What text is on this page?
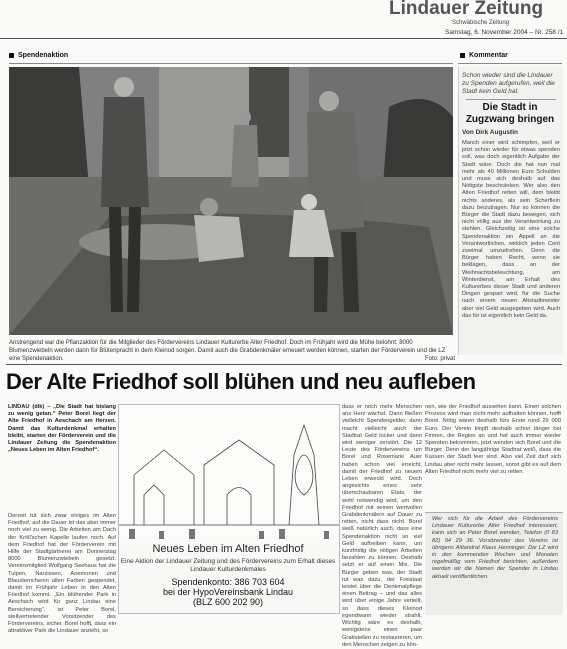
Lindauer Zeitung
Schwäbische Zeitung
Samstag, 6. November 2004 – Nr. 258 /1
Spendenaktion	Kommentar
Anstrengend war die Pflanzaktion für die Mitglieder des Fördervereins Lindauer Kulturerbe Alter Friedhof. Doch im Frühjahr wird die Mühe belohnt: 8000 Blumenzwiebeln werden dann für Blütenpracht in dem Kleinod sorgen. Damit auch die Grabdenkmäler erneuert werden können, starten der Förderverein und die LZ eine Spendenaktion.	Foto: privat
Schon wieder sind die Lindauer zu Spenden aufgerufen, weil die Stadt kein Geld hat.
Die Stadt in Zugzwang bringen
Von Dirk Augustin
Manch einer wird schimpfen, weil er jetzt schon wieder für etwas spenden soll, was doch eigentlich Aufgabe der Stadt wäre. Doch die hat nun mal mehr als 40 Millionen Euro Schulden und muss sich deshalb auf das Nötigste beschränken. Wer also den Alten Friedhof retten will, dem bleibt nichts anderes, als sein Scherflein dazu beizutragen. Nur so können die Bürger die Stadt dazu bewegen, sich nicht völlig aus der Verantwortung zu stehlen. Gleichzeitig ist eine solche Spendenaktion ein Appell an die Verantwortlichen, wirklich jeden Cent zweimal umzudrehen. Denn die Bürger haben Recht, wenn sie beklagen, dass an der Weihnachtsbeleuchtung, am Winterdienst, am Erhalt des Kulturerbes dieser Stadt und anderen Dingen gespart wird, für die Suche nach einem neuen Altstadtmeister aber viel Geld ausgegeben wird. Auch das für ist eigentlich kein Geld da.
Der Alte Friedhof soll blühen und neu aufleben
LINDAU (dik) – „Die Stadt hat bislang zu wenig getan.“ Peter Borel liegt der Alte Friedhof in Aeschach am Herzen. Damit das Kulturdenkmal erhalten bleibt, starten der Förderverein und die Lindauer Zeitung die Spendenaktion „Neues Leben im Alten Friedhof“.
Derzeit tut sich zwar einiges im Alten Friedhof, auf die Dauer ist das aber immer noch viel zu wenig. Die Arbeiten am Dach der Kröll'schen Kapelle laufen noch. Auf dem Friedhof hat der Förderverein mit Hilfe der Stadtgärtnerei am Donnerstag 8000 Blumenzwiebeln gesetzt. Vereinsmitglied Wolfgang Seehaus hat die Tulpen, Narzissen, Anemonen und Blausternchenin allen Farben gespendet, damit im Frühjahr Leben in den Alten Friedhof kommt. „Ein blühender Park in Aeschach wird für ganz Lindau eine Bereicherung“, ist Peter Borel, stellvertretender Vorsitzender des Fördervereins, sicher. Borel hofft, dass ein attraktiver Park die Lindauer anzieht, so
Neues Leben im Alten Friedhof
Eine Aktion der Lindauer Zeitung und des Fördervereins zum Erhalt dieses Lindauer Kulturdenkmales
Spendenkonto: 386 703 604
bei der HypoVereinsbank Lindau
(BLZ 600 202 90)
dass er noch mehr Menschen ans Herz wächst. Dann fließen vielleicht Spendengelder, dann macht vielleicht auch der Stadtrat Geld locker und dann wird weniger zerstört. Die 12 Leute des Fördervereins um Borel und Rosemarie Auer haben schon viel erreicht, damit der Friedhof zu neuem Leben erweckt wird. Doch angesichts eines sehr überschaubaren Etats, der wohl notwendig wird, um den Friedhof mit seinen wertvollen Grabdenkmälern auf Dauer zu retten, nicht dass nicht. Borel weiß natürlich auch, dass eine Spendenaktion nicht so viel Geld auftreiben kann, um kurzfristig die nötigen Arbeiten bezahlen zu können. Deshalb setzt er auf einen Mix. Die Bürger geben was, der Stadt tut was dazu, der Freistaat leistet über die Denkmalpflege einen Beitrag – und das alles wird über einige Jahre verteilt, so dass dieses Kleinod irgendwann wieder strahlt. Wichtig wäre es deshalb, wenigstens einen paar Grabstellen zu restaurieren, um den Menschen zeigen zu kön-
nen, wie der Friedhof aussehen kann. Einen solchen Prozess wird man nicht mehr aufhalten können, hofft Borel. Nötig wären deshalb fürs Erste rund 29 000 Euro. Der Verein klopft deshalb schon länger bei Firmen, die Region an und hat auch immer wieder Spenden bekommen, jetzt wenden sich Borel und die Bürger. Denn der langjährige Stadtrat weiß, dass die Kassen der Stadt leer sind. Also viel Zeit darf sich Lindau aber nicht mehr lassen, sonst gibt es auf dem Alten Friedhof nicht mehr viel zu retten.
Wer sich für die Arbeit des Fördervereins Lindauer Kulturerbe Alter Friedhof interessiert, kann sich an Peter Borel wenden, Telefon (0 83 82) 94 29 36. Vorsitzender des Vereins ist übrigens Altlandrat Klaus Henninger. Die LZ wird in den kommenden Wochen und Monaten regelmäßig vom Friedhof berichten, außerdem werden wir die Namen der Spender in Lindau aktuell veröffentlichen.
